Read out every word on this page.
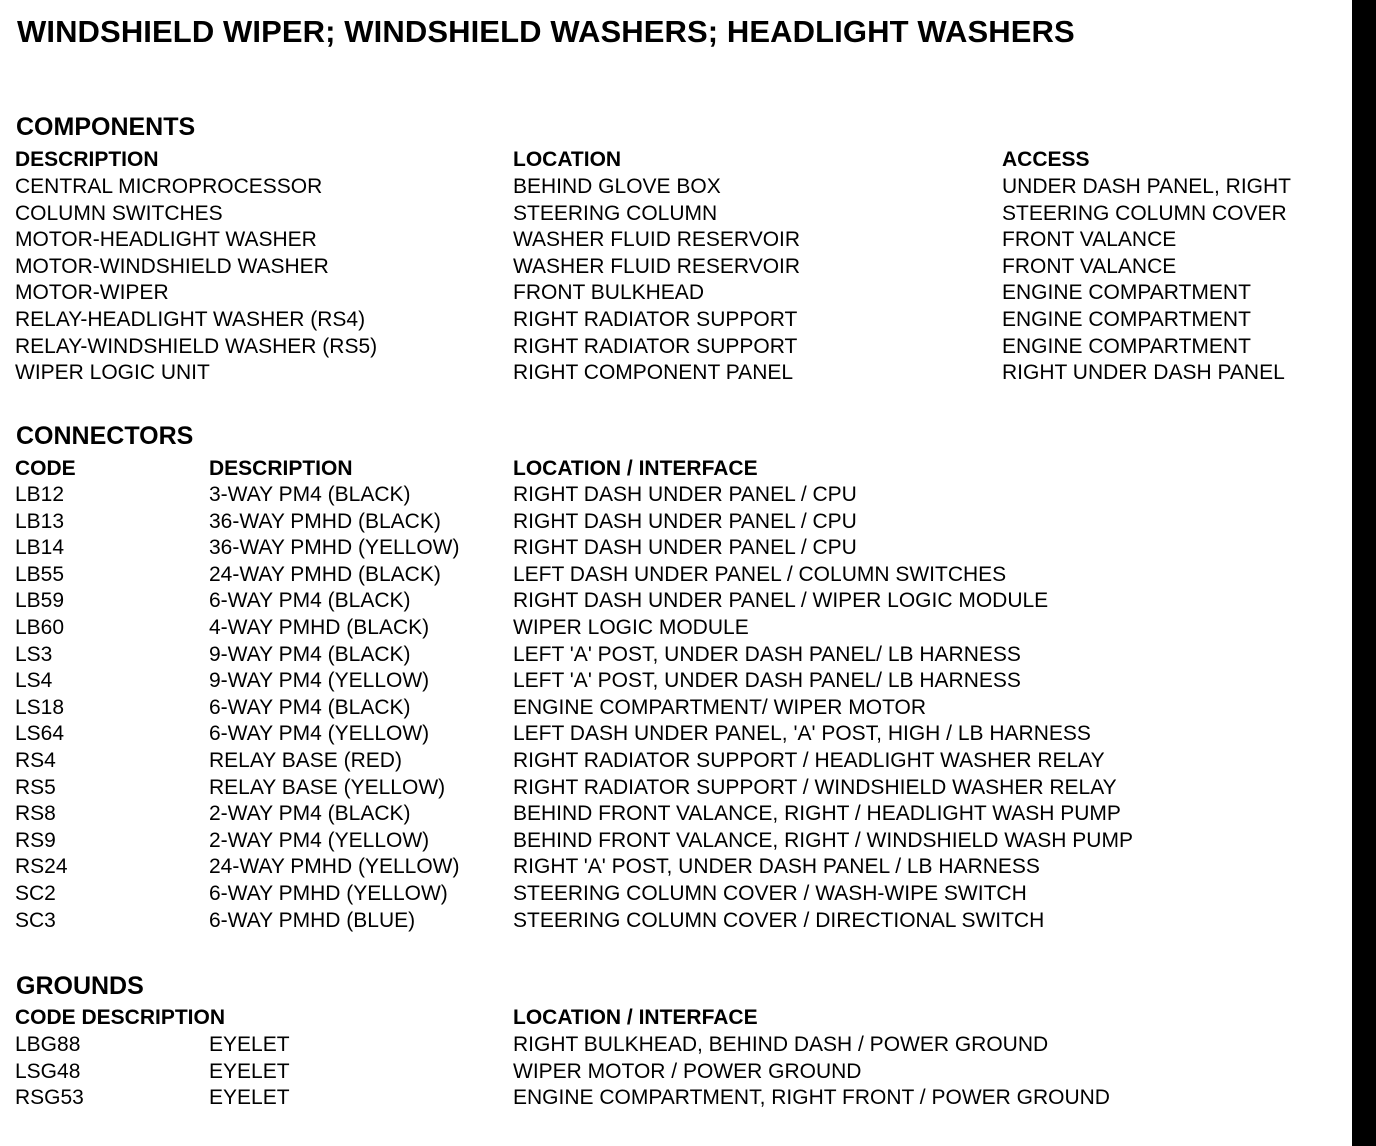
WINDSHIELD WIPER; WINDSHIELD WASHERS; HEADLIGHT WASHERS
COMPONENTS
DESCRIPTION	LOCATION	ACCESS
CENTRAL MICROPROCESSOR	BEHIND GLOVE BOX	UNDER DASH PANEL, RIGHT
COLUMN SWITCHES	STEERING COLUMN	STEERING COLUMN COVER
MOTOR-HEADLIGHT WASHER	WASHER FLUID RESERVOIR	FRONT VALANCE
MOTOR-WINDSHIELD WASHER	WASHER FLUID RESERVOIR	FRONT VALANCE
MOTOR-WIPER	FRONT BULKHEAD	ENGINE COMPARTMENT
RELAY-HEADLIGHT WASHER (RS4)	RIGHT RADIATOR SUPPORT	ENGINE COMPARTMENT
RELAY-WINDSHIELD WASHER (RS5)	RIGHT RADIATOR SUPPORT	ENGINE COMPARTMENT
WIPER LOGIC UNIT	RIGHT COMPONENT PANEL	RIGHT UNDER DASH PANEL
CONNECTORS
CODE	DESCRIPTION	LOCATION / INTERFACE
LB12	3-WAY PM4 (BLACK)	RIGHT DASH UNDER PANEL / CPU
LB13	36-WAY PMHD (BLACK)	RIGHT DASH UNDER PANEL / CPU
LB14	36-WAY PMHD (YELLOW)	RIGHT DASH UNDER PANEL / CPU
LB55	24-WAY PMHD (BLACK)	LEFT DASH UNDER PANEL / COLUMN SWITCHES
LB59	6-WAY PM4 (BLACK)	RIGHT DASH UNDER PANEL / WIPER LOGIC MODULE
LB60	4-WAY PMHD (BLACK)	WIPER LOGIC MODULE
LS3	9-WAY PM4 (BLACK)	LEFT 'A' POST, UNDER DASH PANEL/ LB HARNESS
LS4	9-WAY PM4 (YELLOW)	LEFT 'A' POST, UNDER DASH PANEL/ LB HARNESS
LS18	6-WAY PM4 (BLACK)	ENGINE COMPARTMENT/ WIPER MOTOR
LS64	6-WAY PM4 (YELLOW)	LEFT DASH UNDER PANEL, 'A' POST, HIGH / LB HARNESS
RS4	RELAY BASE (RED)	RIGHT RADIATOR SUPPORT / HEADLIGHT WASHER RELAY
RS5	RELAY BASE (YELLOW)	RIGHT RADIATOR SUPPORT / WINDSHIELD WASHER RELAY
RS8	2-WAY PM4 (BLACK)	BEHIND FRONT VALANCE, RIGHT / HEADLIGHT WASH PUMP
RS9	2-WAY PM4 (YELLOW)	BEHIND FRONT VALANCE, RIGHT / WINDSHIELD WASH PUMP
RS24	24-WAY PMHD (YELLOW)	RIGHT 'A' POST, UNDER DASH PANEL / LB HARNESS
SC2	6-WAY PMHD (YELLOW)	STEERING COLUMN COVER / WASH-WIPE SWITCH
SC3	6-WAY PMHD (BLUE)	STEERING COLUMN COVER / DIRECTIONAL SWITCH
GROUNDS
CODE DESCRIPTION	LOCATION / INTERFACE
LBG88	EYELET	RIGHT BULKHEAD, BEHIND DASH / POWER GROUND
LSG48	EYELET	WIPER MOTOR / POWER GROUND
RSG53	EYELET	ENGINE COMPARTMENT, RIGHT FRONT / POWER GROUND
